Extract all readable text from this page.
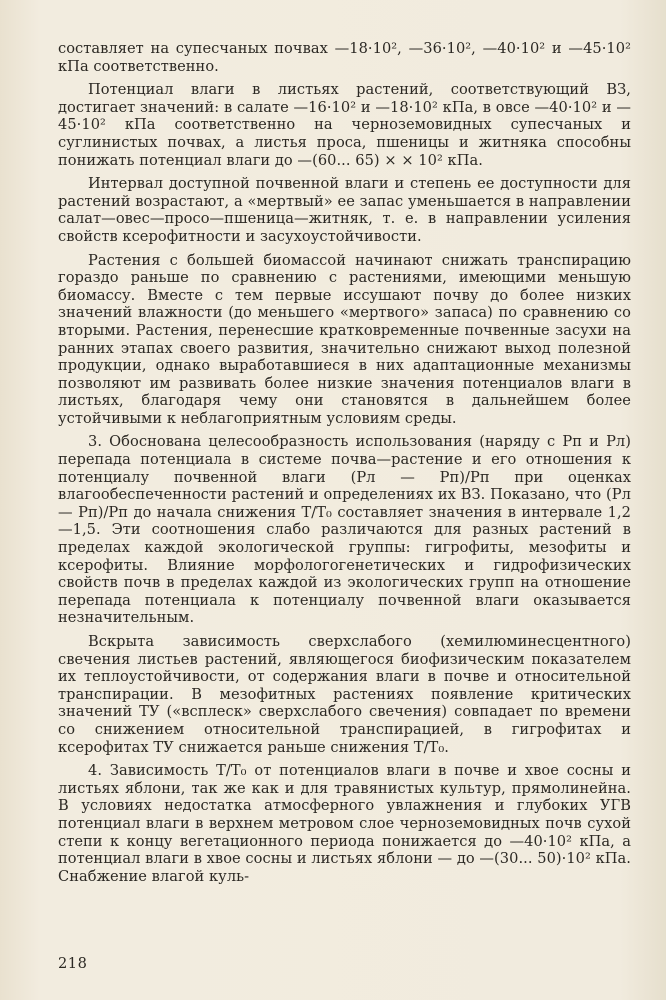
составляет на супесчаных почвах —18·10², —36·10², —40·10² и —45·10² кПа соответственно.

Потенциал влаги в листьях растений, соответствующий ВЗ, достигает значений: в салате —16·10² и —18·10² кПа, в овсе —40·10² и —45·10² кПа соответственно на черноземовидных супесчаных и суглинистых почвах, а листья проса, пшеницы и житняка способны понижать потенциал влаги до —(60... 65) × × 10² кПа.

Интервал доступной почвенной влаги и степень ее доступности для растений возрастают, а «мертвый» ее запас уменьшается в направлении салат—овес—просо—пшеница—житняк, т. е. в направлении усиления свойств ксерофитности и засухоустойчивости.

Растения с большей биомассой начинают снижать транспирацию гораздо раньше по сравнению с растениями, имеющими меньшую биомассу. Вместе с тем первые иссушают почву до более низких значений влажности (до меньшего «мертвого» запаса) по сравнению со вторыми. Растения, перенесшие кратковременные почвенные засухи на ранних этапах своего развития, значительно снижают выход полезной продукции, однако выработавшиеся в них адаптационные механизмы позволяют им развивать более низкие значения потенциалов влаги в листьях, благодаря чему они становятся в дальнейшем более устойчивыми к неблагоприятным условиям среды.

3. Обоснована целесообразность использования (наряду с Рп и Рл) перепада потенциала в системе почва—растение и его отношения к потенциалу почвенной влаги (Рл — Рп)/Рп при оценках влагообеспеченности растений и определениях их ВЗ. Показано, что (Рл — Рп)/Рп до начала снижения Т/Т₀ составляет значения в интервале 1,2—1,5. Эти соотношения слабо различаются для разных растений в пределах каждой экологической группы: гигрофиты, мезофиты и ксерофиты. Влияние морфологогенетических и гидрофизических свойств почв в пределах каждой из экологических групп на отношение перепада потенциала к потенциалу почвенной влаги оказывается незначительным.

Вскрыта зависимость сверхслабого (хемилюминесцентного) свечения листьев растений, являющегося биофизическим показателем их теплоустойчивости, от содержания влаги в почве и относительной транспирации. В мезофитных растениях появление критических значений ТУ («всплеск» сверхслабого свечения) совпадает по времени со снижением относительной транспирацией, в гигрофитах и ксерофитах ТУ снижается раньше снижения Т/Т₀.

4. Зависимость Т/Т₀ от потенциалов влаги в почве и хвое сосны и листьях яблони, так же как и для травянистых культур, прямолинейна. В условиях недостатка атмосферного увлажнения и глубоких УГВ потенциал влаги в верхнем метровом слое черноземовидных почв сухой степи к концу вегетационного периода понижается до —40·10² кПа, а потенциал влаги в хвое сосны и листьях яблони — до —(30... 50)·10² кПа. Снабжение влагой куль-

218
